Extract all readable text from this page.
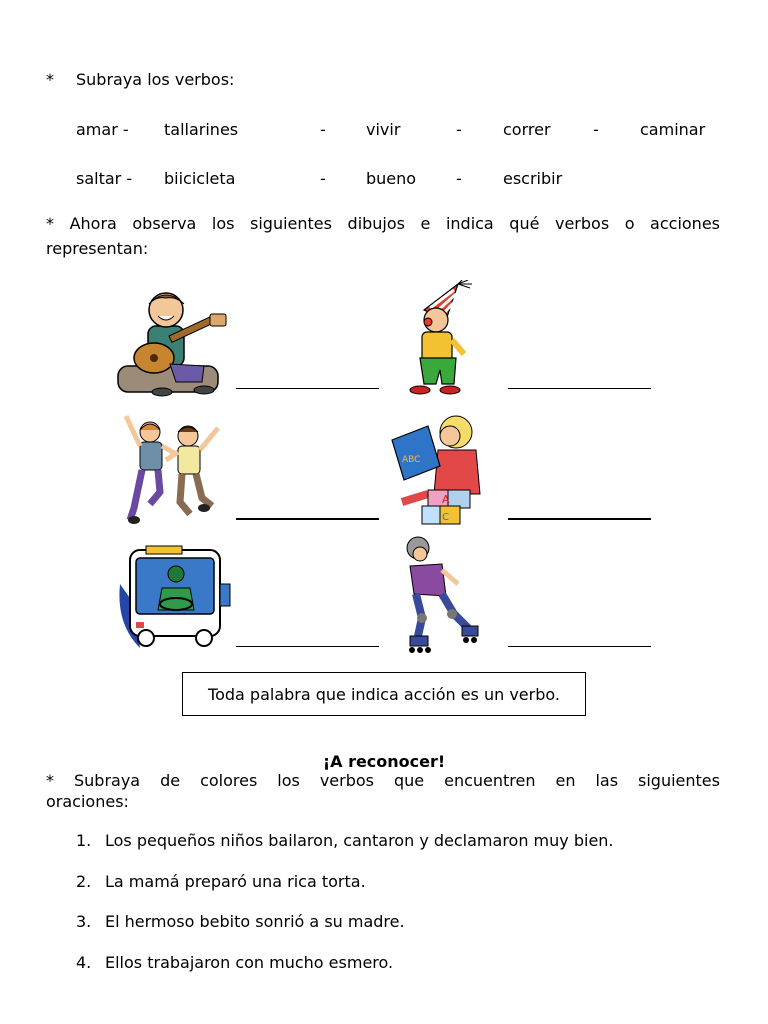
* Subraya los verbos:
amar - tallarines	-	vivir	-	correr	-	caminar
saltar - biicicleta	-	bueno -	escribir
* Ahora observa los siguientes dibujos e indica qué verbos o acciones
representan:
ABC
A
C
Toda palabra que indica acción es un verbo.
¡A reconocer!
* Subraya de colores los verbos que encuentren en las siguientes
oraciones:
1. Los pequeños niños bailaron, cantaron y declamaron muy bien.
2. La mamá preparó una rica torta.
3. El hermoso bebito sonrió a su madre.
4. Ellos trabajaron con mucho esmero.
